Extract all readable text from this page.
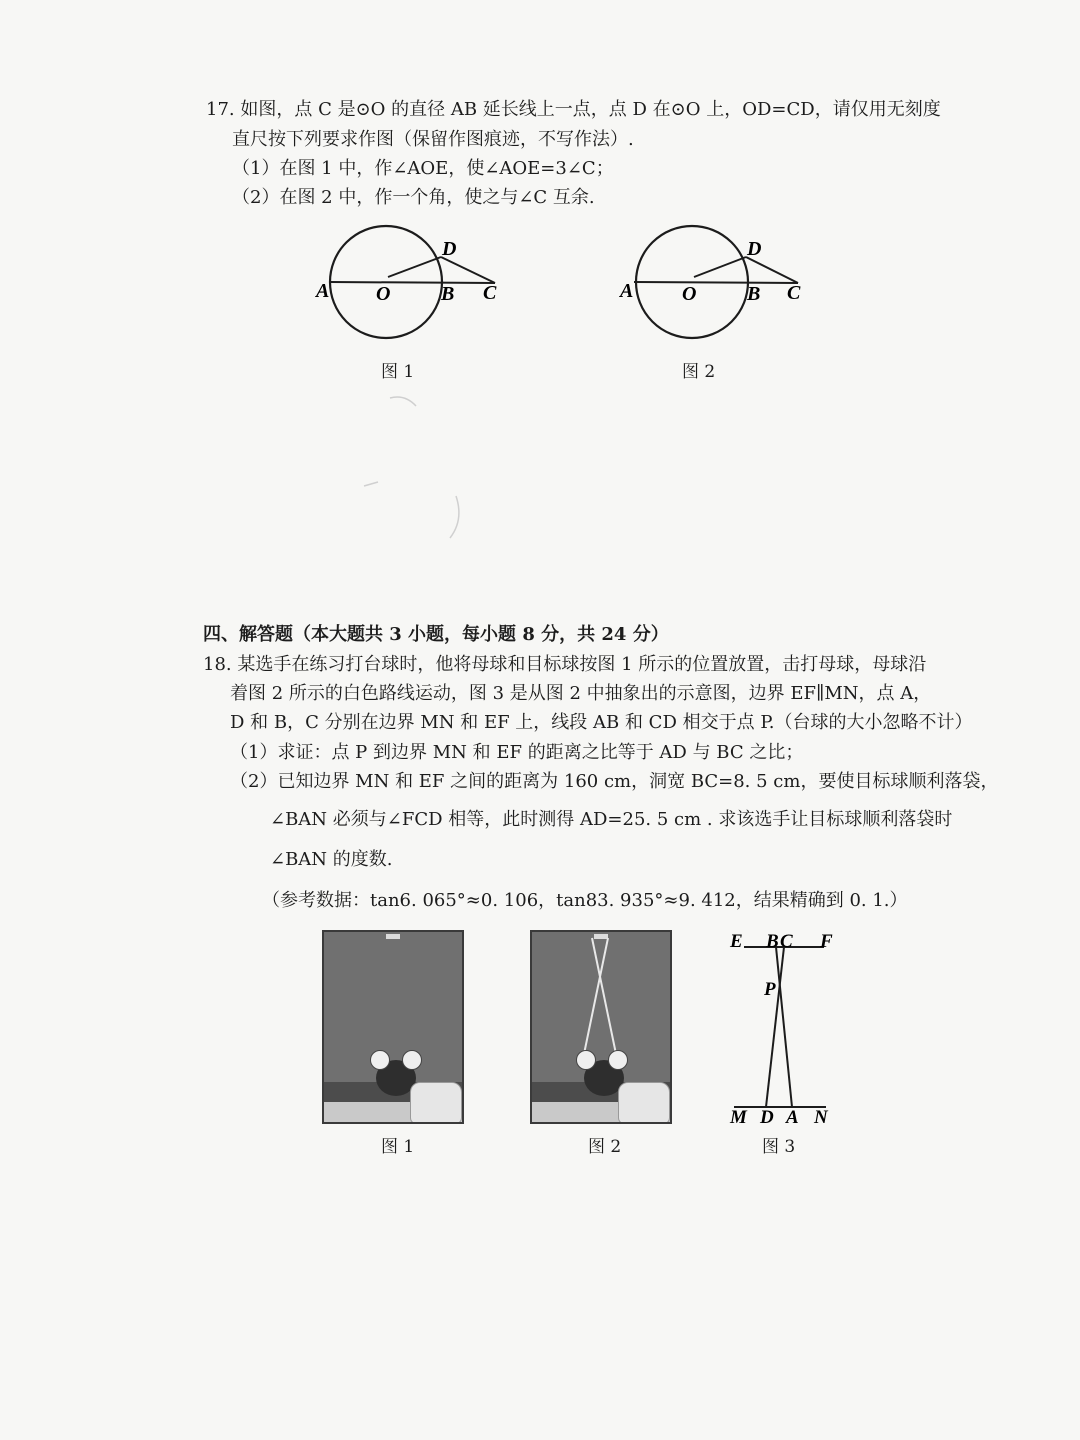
17. 如图，点 C 是⊙O 的直径 AB 延长线上一点，点 D 在⊙O 上，OD=CD，请仅用无刻度
直尺按下列要求作图（保留作图痕迹，不写作法）.
（1）在图 1 中，作∠AOE，使∠AOE=3∠C；
（2）在图 2 中，作一个角，使之与∠C 互余.
A O	B C
D
图 1
A O	B C
D
图 2
四、解答题（本大题共 3 小题，每小题 8 分，共 24 分）
18. 某选手在练习打台球时，他将母球和目标球按图 1 所示的位置放置，击打母球，母球沿
着图 2 所示的白色路线运动，图 3 是从图 2 中抽象出的示意图，边界 EF∥MN，点 A，
D 和 B，C 分别在边界 MN 和 EF 上，线段 AB 和 CD 相交于点 P.（台球的大小忽略不计）
（1）求证：点 P 到边界 MN 和 EF 的距离之比等于 AD 与 BC 之比；
（2）已知边界 MN 和 EF 之间的距离为 160 cm，洞宽 BC=8. 5 cm，要使目标球顺利落袋，
∠BAN 必须与∠FCD 相等，此时测得 AD=25. 5 cm . 求该选手让目标球顺利落袋时
∠BAN 的度数.
（参考数据：tan6. 065°≈0. 106，tan83. 935°≈9. 412，结果精确到 0. 1.）
图 1	图 2
E B C F
P
M D A N
图 3
